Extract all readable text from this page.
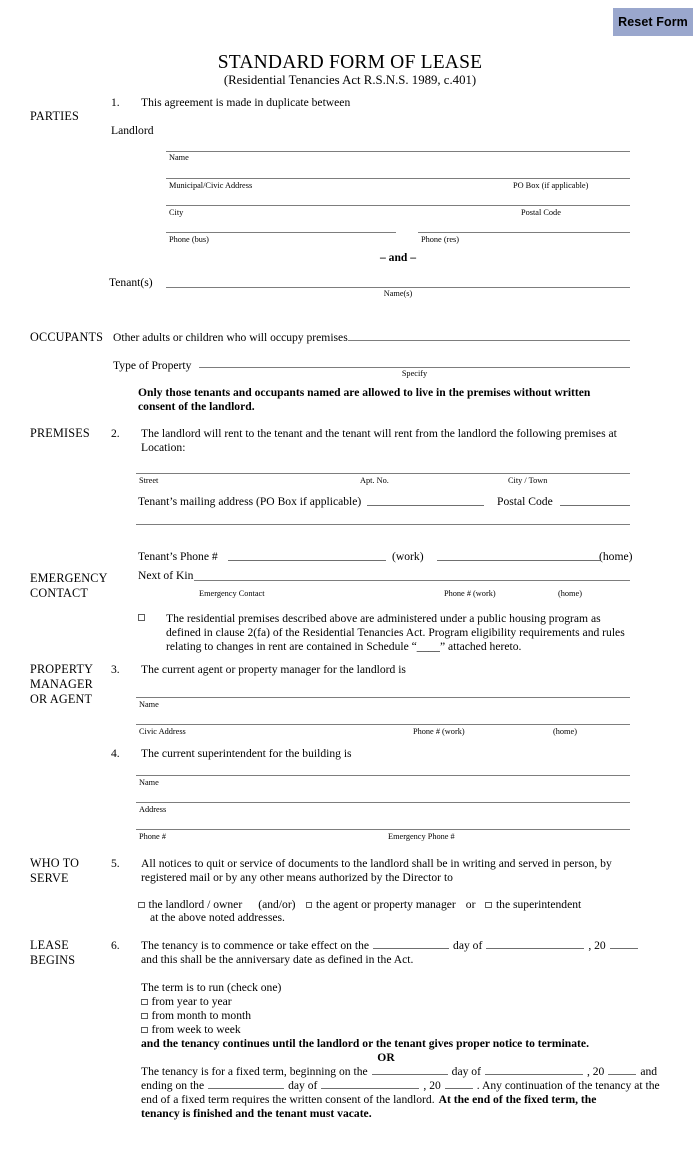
Reset Form
STANDARD FORM OF LEASE
(Residential Tenancies Act R.S.N.S. 1989, c.401)
PARTIES
1. This agreement is made in duplicate between
Landlord
Name
Municipal/Civic Address	PO Box (if applicable)
City	Postal Code
Phone (bus)	Phone (res)
– and –
Tenant(s)
Name(s)
OCCUPANTS Other adults or children who will occupy premises
Type of Property
Specify
Only those tenants and occupants named are allowed to live in the premises without written
consent of the landlord.
PREMISES 2. The landlord will rent to the tenant and the tenant will rent from the landlord the following premises at
Location:
Street	Apt. No.	City / Town
Tenant’s mailing address (PO Box if applicable)	Postal Code
Tenant’s Phone #	(work)	(home)
EMERGENCY
CONTACT
Next of Kin
Emergency Contact	Phone # (work)	(home)
The residential premises described above are administered under a public housing program as
defined in clause 2(fa) of the Residential Tenancies Act. Program eligibility requirements and rules
relating to changes in rent are contained in Schedule “____” attached hereto.
PROPERTY
MANAGER
OR AGENT
3. The current agent or property manager for the landlord is
Name
Civic Address	Phone # (work)	(home)
4. The current superintendent for the building is
Name
Address
Phone #	Emergency Phone #
WHO TO
SERVE
5. All notices to quit or service of documents to the landlord shall be in writing and served in person, by
registered mail or by any other means authorized by the Director to
the landlord / owner (and/or) the agent or property manager or the superintendent
at the above noted addresses.
LEASE
BEGINS
6. The tenancy is to commence or take effect on the	day of	, 20
and this shall be the anniversary date as defined in the Act.
The term is to run (check one)
from year to year
from month to month
from week to week
and the tenancy continues until the landlord or the tenant gives proper notice to terminate.
OR
The tenancy is for a fixed term, beginning on the	day of	, 20	and
ending on the	day of	, 20	. Any continuation of the tenancy at the
end of a fixed term requires the written consent of the landlord. At the end of the fixed term, the
tenancy is finished and the tenant must vacate.
